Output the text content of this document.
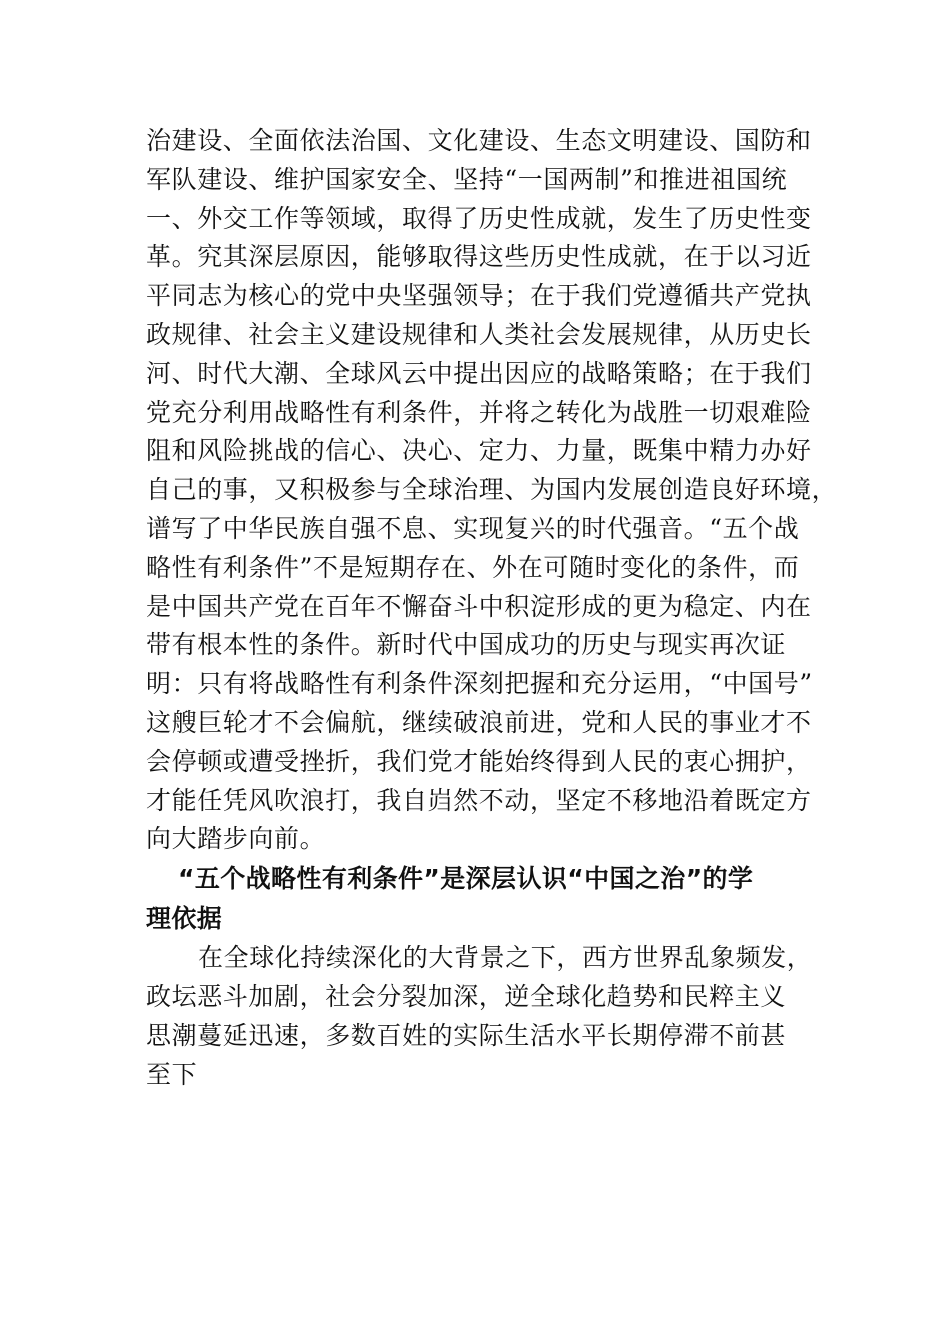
治建设、全面依法治国、文化建设、生态文明建设、国防和
军队建设、维护国家安全、坚持“一国两制”和推进祖国统
一、外交工作等领域，取得了历史性成就，发生了历史性变
革。究其深层原因，能够取得这些历史性成就，在于以习近
平同志为核心的党中央坚强领导；在于我们党遵循共产党执
政规律、社会主义建设规律和人类社会发展规律，从历史长
河、时代大潮、全球风云中提出因应的战略策略；在于我们
党充分利用战略性有利条件，并将之转化为战胜一切艰难险
阻和风险挑战的信心、决心、定力、力量，既集中精力办好
自己的事，又积极参与全球治理、为国内发展创造良好环境，
谱写了中华民族自强不息、实现复兴的时代强音。“五个战
略性有利条件”不是短期存在、外在可随时变化的条件，而
是中国共产党在百年不懈奋斗中积淀形成的更为稳定、内在
带有根本性的条件。新时代中国成功的历史与现实再次证
明：只有将战略性有利条件深刻把握和充分运用，“中国号”
这艘巨轮才不会偏航，继续破浪前进，党和人民的事业才不
会停顿或遭受挫折，我们党才能始终得到人民的衷心拥护，
才能任凭风吹浪打，我自岿然不动，坚定不移地沿着既定方
向大踏步向前。
“五个战略性有利条件”是深层认识“中国之治”的学
理依据
在全球化持续深化的大背景之下，西方世界乱象频发，
政坛恶斗加剧，社会分裂加深，逆全球化趋势和民粹主义
思潮蔓延迅速，多数百姓的实际生活水平长期停滞不前甚
至下
